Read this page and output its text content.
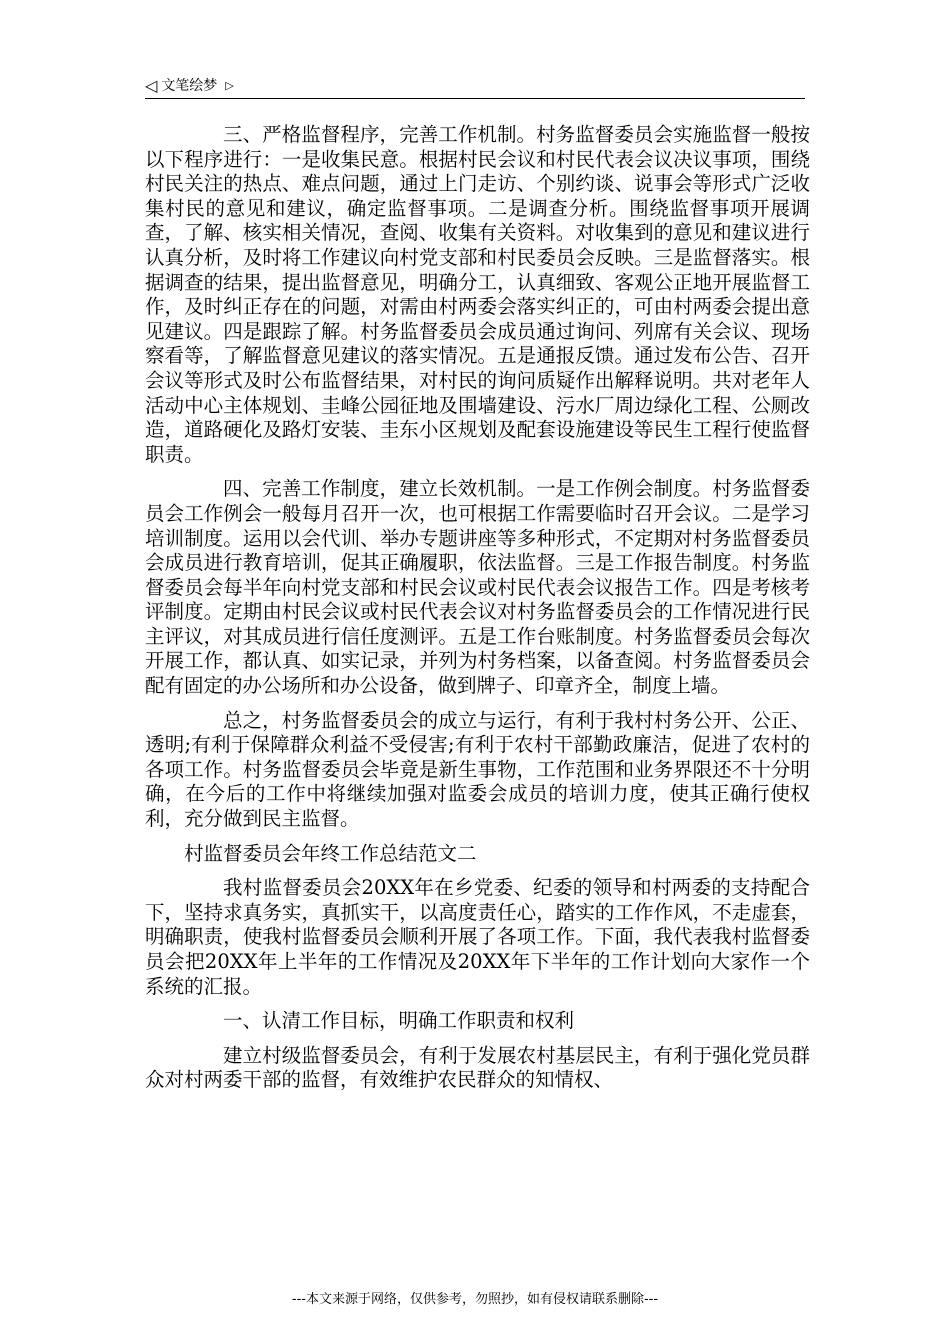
◁ 文笔绘梦 ▷

三、严格监督程序，完善工作机制。村务监督委员会实施监督一般按以下程序进行：一是收集民意。根据村民会议和村民代表会议决议事项，围绕村民关注的热点、难点问题，通过上门走访、个别约谈、说事会等形式广泛收集村民的意见和建议，确定监督事项。二是调查分析。围绕监督事项开展调查，了解、核实相关情况，查阅、收集有关资料。对收集到的意见和建议进行认真分析，及时将工作建议向村党支部和村民委员会反映。三是监督落实。根据调查的结果，提出监督意见，明确分工，认真细致、客观公正地开展监督工作，及时纠正存在的问题，对需由村两委会落实纠正的，可由村两委会提出意见建议。四是跟踪了解。村务监督委员会成员通过询问、列席有关会议、现场察看等，了解监督意见建议的落实情况。五是通报反馈。通过发布公告、召开会议等形式及时公布监督结果，对村民的询问质疑作出解释说明。共对老年人活动中心主体规划、圭峰公园征地及围墙建设、污水厂周边绿化工程、公厕改造，道路硬化及路灯安装、圭东小区规划及配套设施建设等民生工程行使监督职责。

四、完善工作制度，建立长效机制。一是工作例会制度。村务监督委员会工作例会一般每月召开一次，也可根据工作需要临时召开会议。二是学习培训制度。运用以会代训、举办专题讲座等多种形式，不定期对村务监督委员会成员进行教育培训，促其正确履职，依法监督。三是工作报告制度。村务监督委员会每半年向村党支部和村民会议或村民代表会议报告工作。四是考核考评制度。定期由村民会议或村民代表会议对村务监督委员会的工作情况进行民主评议，对其成员进行信任度测评。五是工作台账制度。村务监督委员会每次开展工作，都认真、如实记录，并列为村务档案，以备查阅。村务监督委员会配有固定的办公场所和办公设备，做到牌子、印章齐全，制度上墙。

总之，村务监督委员会的成立与运行，有利于我村村务公开、公正、透明;有利于保障群众利益不受侵害;有利于农村干部勤政廉洁，促进了农村的各项工作。村务监督委员会毕竟是新生事物，工作范围和业务界限还不十分明确，在今后的工作中将继续加强对监委会成员的培训力度，使其正确行使权利，充分做到民主监督。

村监督委员会年终工作总结范文二

我村监督委员会20XX年在乡党委、纪委的领导和村两委的支持配合下，坚持求真务实，真抓实干，以高度责任心，踏实的工作作风，不走虚套，明确职责，使我村监督委员会顺利开展了各项工作。下面，我代表我村监督委员会把20XX年上半年的工作情况及20XX年下半年的工作计划向大家作一个系统的汇报。

一、认清工作目标，明确工作职责和权利

建立村级监督委员会，有利于发展农村基层民主，有利于强化党员群众对村两委干部的监督，有效维护农民群众的知情权、

---本文来源于网络，仅供参考，勿照抄，如有侵权请联系删除---
